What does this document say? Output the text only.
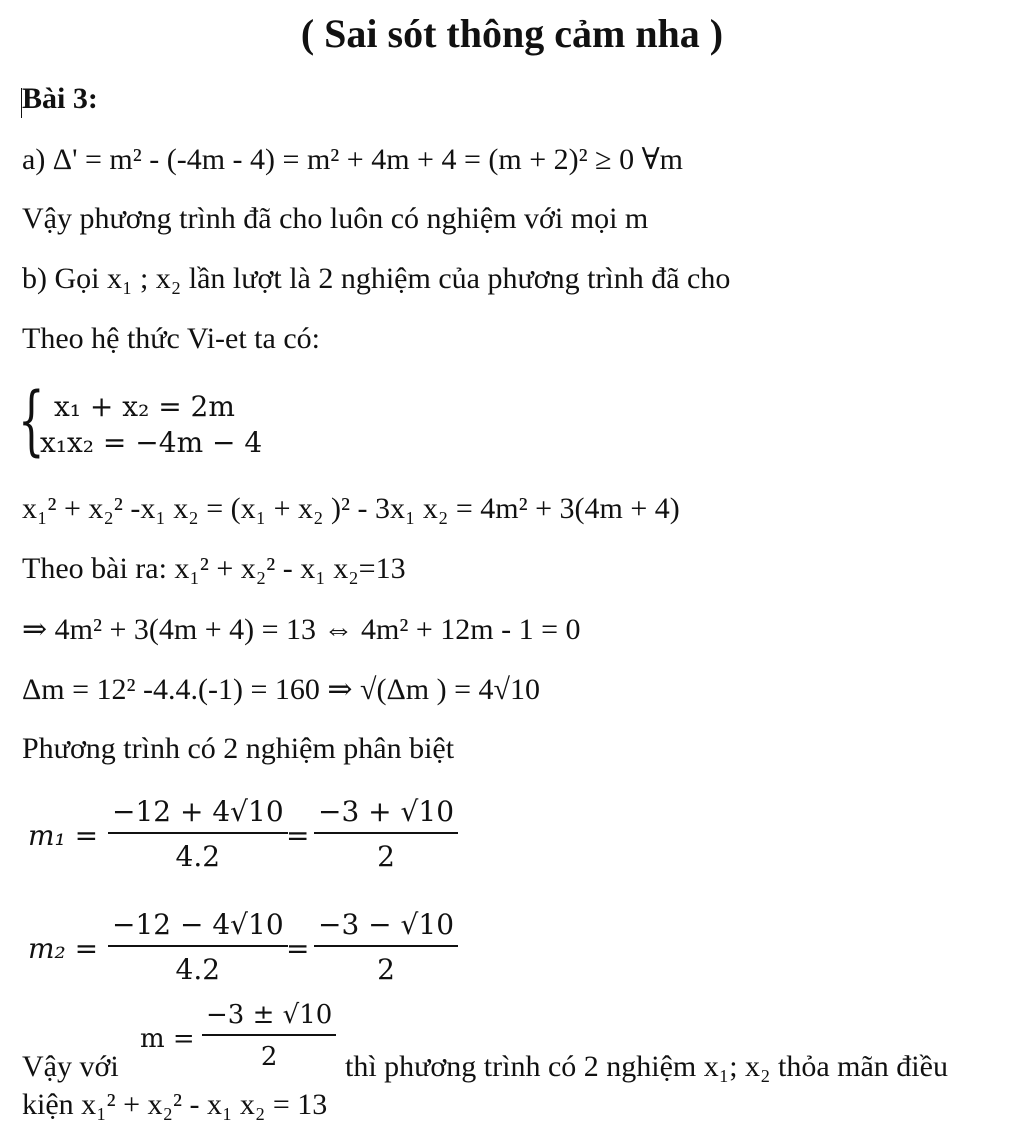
( Sai sót thông cảm nha )
Bài 3:
a) Δ' = m² - (-4m - 4) = m² + 4m + 4 = (m + 2)² ≥ 0 ∀m
Vậy phương trình đã cho luôn có nghiệm với mọi m
b) Gọi x₁ ; x₂ lần lượt là 2 nghiệm của phương trình đã cho
Theo hệ thức Vi-et ta có:
{ x₁ + x₂ = 2m
x₁x₂ = −4m − 4
x₁² + x₂² -x₁ x₂ = (x₁ + x₂ )² - 3x₁ x₂ = 4m² + 3(4m + 4)
Theo bài ra: x₁² + x₂² - x₁ x₂=13
⇒ 4m² + 3(4m + 4) = 13 ⇔ 4m² + 12m - 1 = 0
Δm = 12² -4.4.(-1) = 160 ⇒ √(Δm ) = 4√10
Phương trình có 2 nghiệm phân biệt
$m_1 = \frac{-12 + 4√10}{4.2}$
= $\frac{-3 + √10}{2}$
$m_2 = \frac{-12 - 4√10}{4.2}$
= $\frac{-3 - √10}{2}$
$m = \frac{-3 \pm √10}{2}$
Vậy với	thì phương trình có 2 nghiệm x₁; x₂ thỏa mãn điều
kiện x₁² + x₂² - x₁ x₂ = 13
